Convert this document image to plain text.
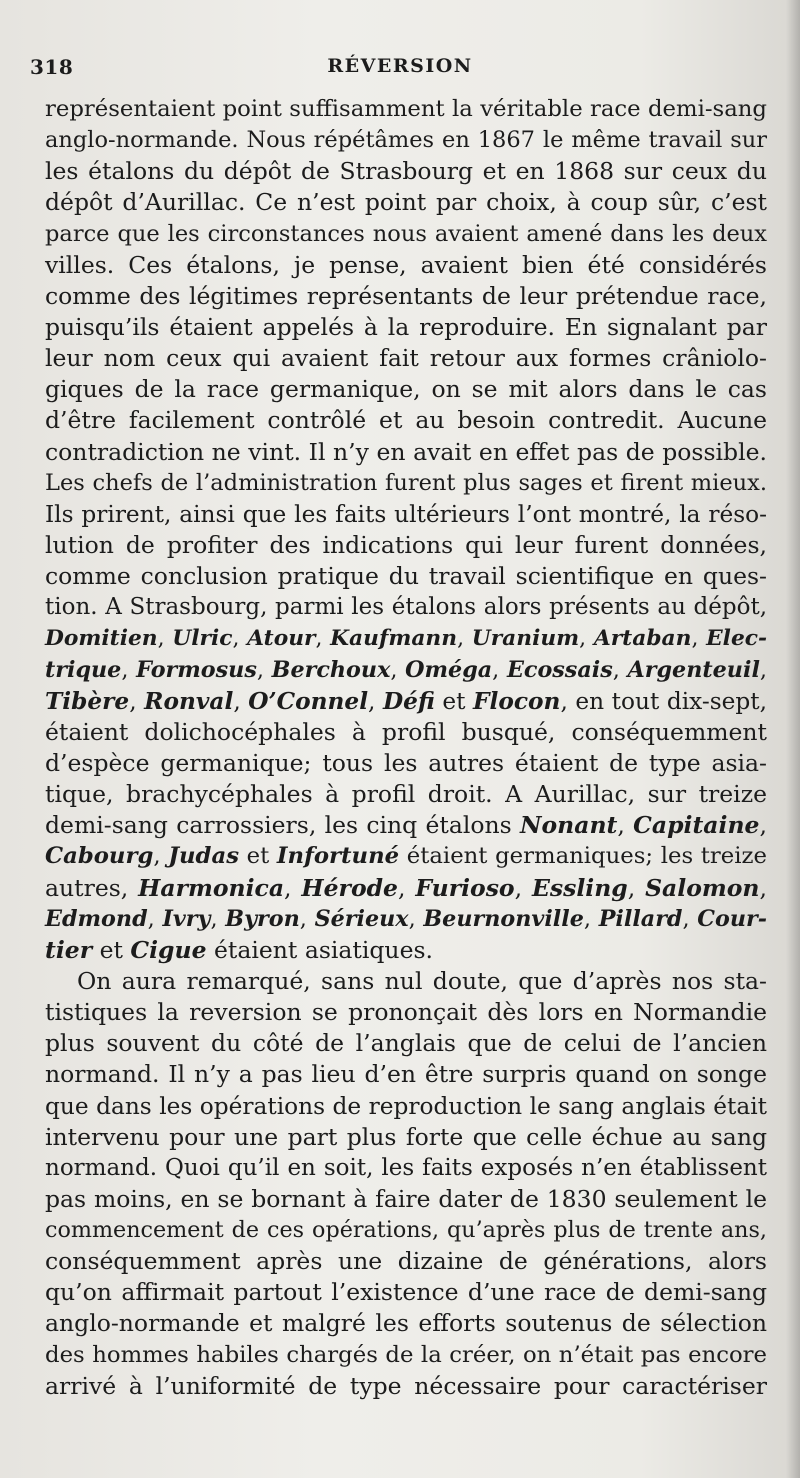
318	RÉVERSION
représentaient point suffisamment la véritable race demi-sang
anglo-normande. Nous répétâmes en 1867 le même travail sur
les étalons du dépôt de Strasbourg et en 1868 sur ceux du
dépôt d’Aurillac. Ce n’est point par choix, à coup sûr, c’est
parce que les circonstances nous avaient amené dans les deux
villes. Ces étalons, je pense, avaient bien été considérés
comme des légitimes représentants de leur prétendue race,
puisqu’ils étaient appelés à la reproduire. En signalant par
leur nom ceux qui avaient fait retour aux formes crâniolo-
giques de la race germanique, on se mit alors dans le cas
d’être facilement contrôlé et au besoin contredit. Aucune
contradiction ne vint. Il n’y en avait en effet pas de possible.
Les chefs de l’administration furent plus sages et firent mieux.
Ils prirent, ainsi que les faits ultérieurs l’ont montré, la réso-
lution de profiter des indications qui leur furent données,
comme conclusion pratique du travail scientifique en ques-
tion. A Strasbourg, parmi les étalons alors présents au dépôt,
Domitien, Ulric, Atour, Kaufmann, Uranium, Artaban, Elec-
trique, Formosus, Berchoux, Oméga, Ecossais, Argenteuil,
Tibère, Ronval, O’Connel, Défi et Flocon, en tout dix-sept,
étaient dolichocéphales à profil busqué, conséquemment
d’espèce germanique; tous les autres étaient de type asia-
tique, brachycéphales à profil droit. A Aurillac, sur treize
demi-sang carrossiers, les cinq étalons Nonant, Capitaine,
Cabourg, Judas et Infortuné étaient germaniques; les treize
autres, Harmonica, Hérode, Furioso, Essling, Salomon,
Edmond, Ivry, Byron, Sérieux, Beurnonville, Pillard, Cour-
tier et Cigue étaient asiatiques.
On aura remarqué, sans nul doute, que d’après nos sta-
tistiques la reversion se prononçait dès lors en Normandie
plus souvent du côté de l’anglais que de celui de l’ancien
normand. Il n’y a pas lieu d’en être surpris quand on songe
que dans les opérations de reproduction le sang anglais était
intervenu pour une part plus forte que celle échue au sang
normand. Quoi qu’il en soit, les faits exposés n’en établissent
pas moins, en se bornant à faire dater de 1830 seulement le
commencement de ces opérations, qu’après plus de trente ans,
conséquemment après une dizaine de générations, alors
qu’on affirmait partout l’existence d’une race de demi-sang
anglo-normande et malgré les efforts soutenus de sélection
des hommes habiles chargés de la créer, on n’était pas encore
arrivé à l’uniformité de type nécessaire pour caractériser
